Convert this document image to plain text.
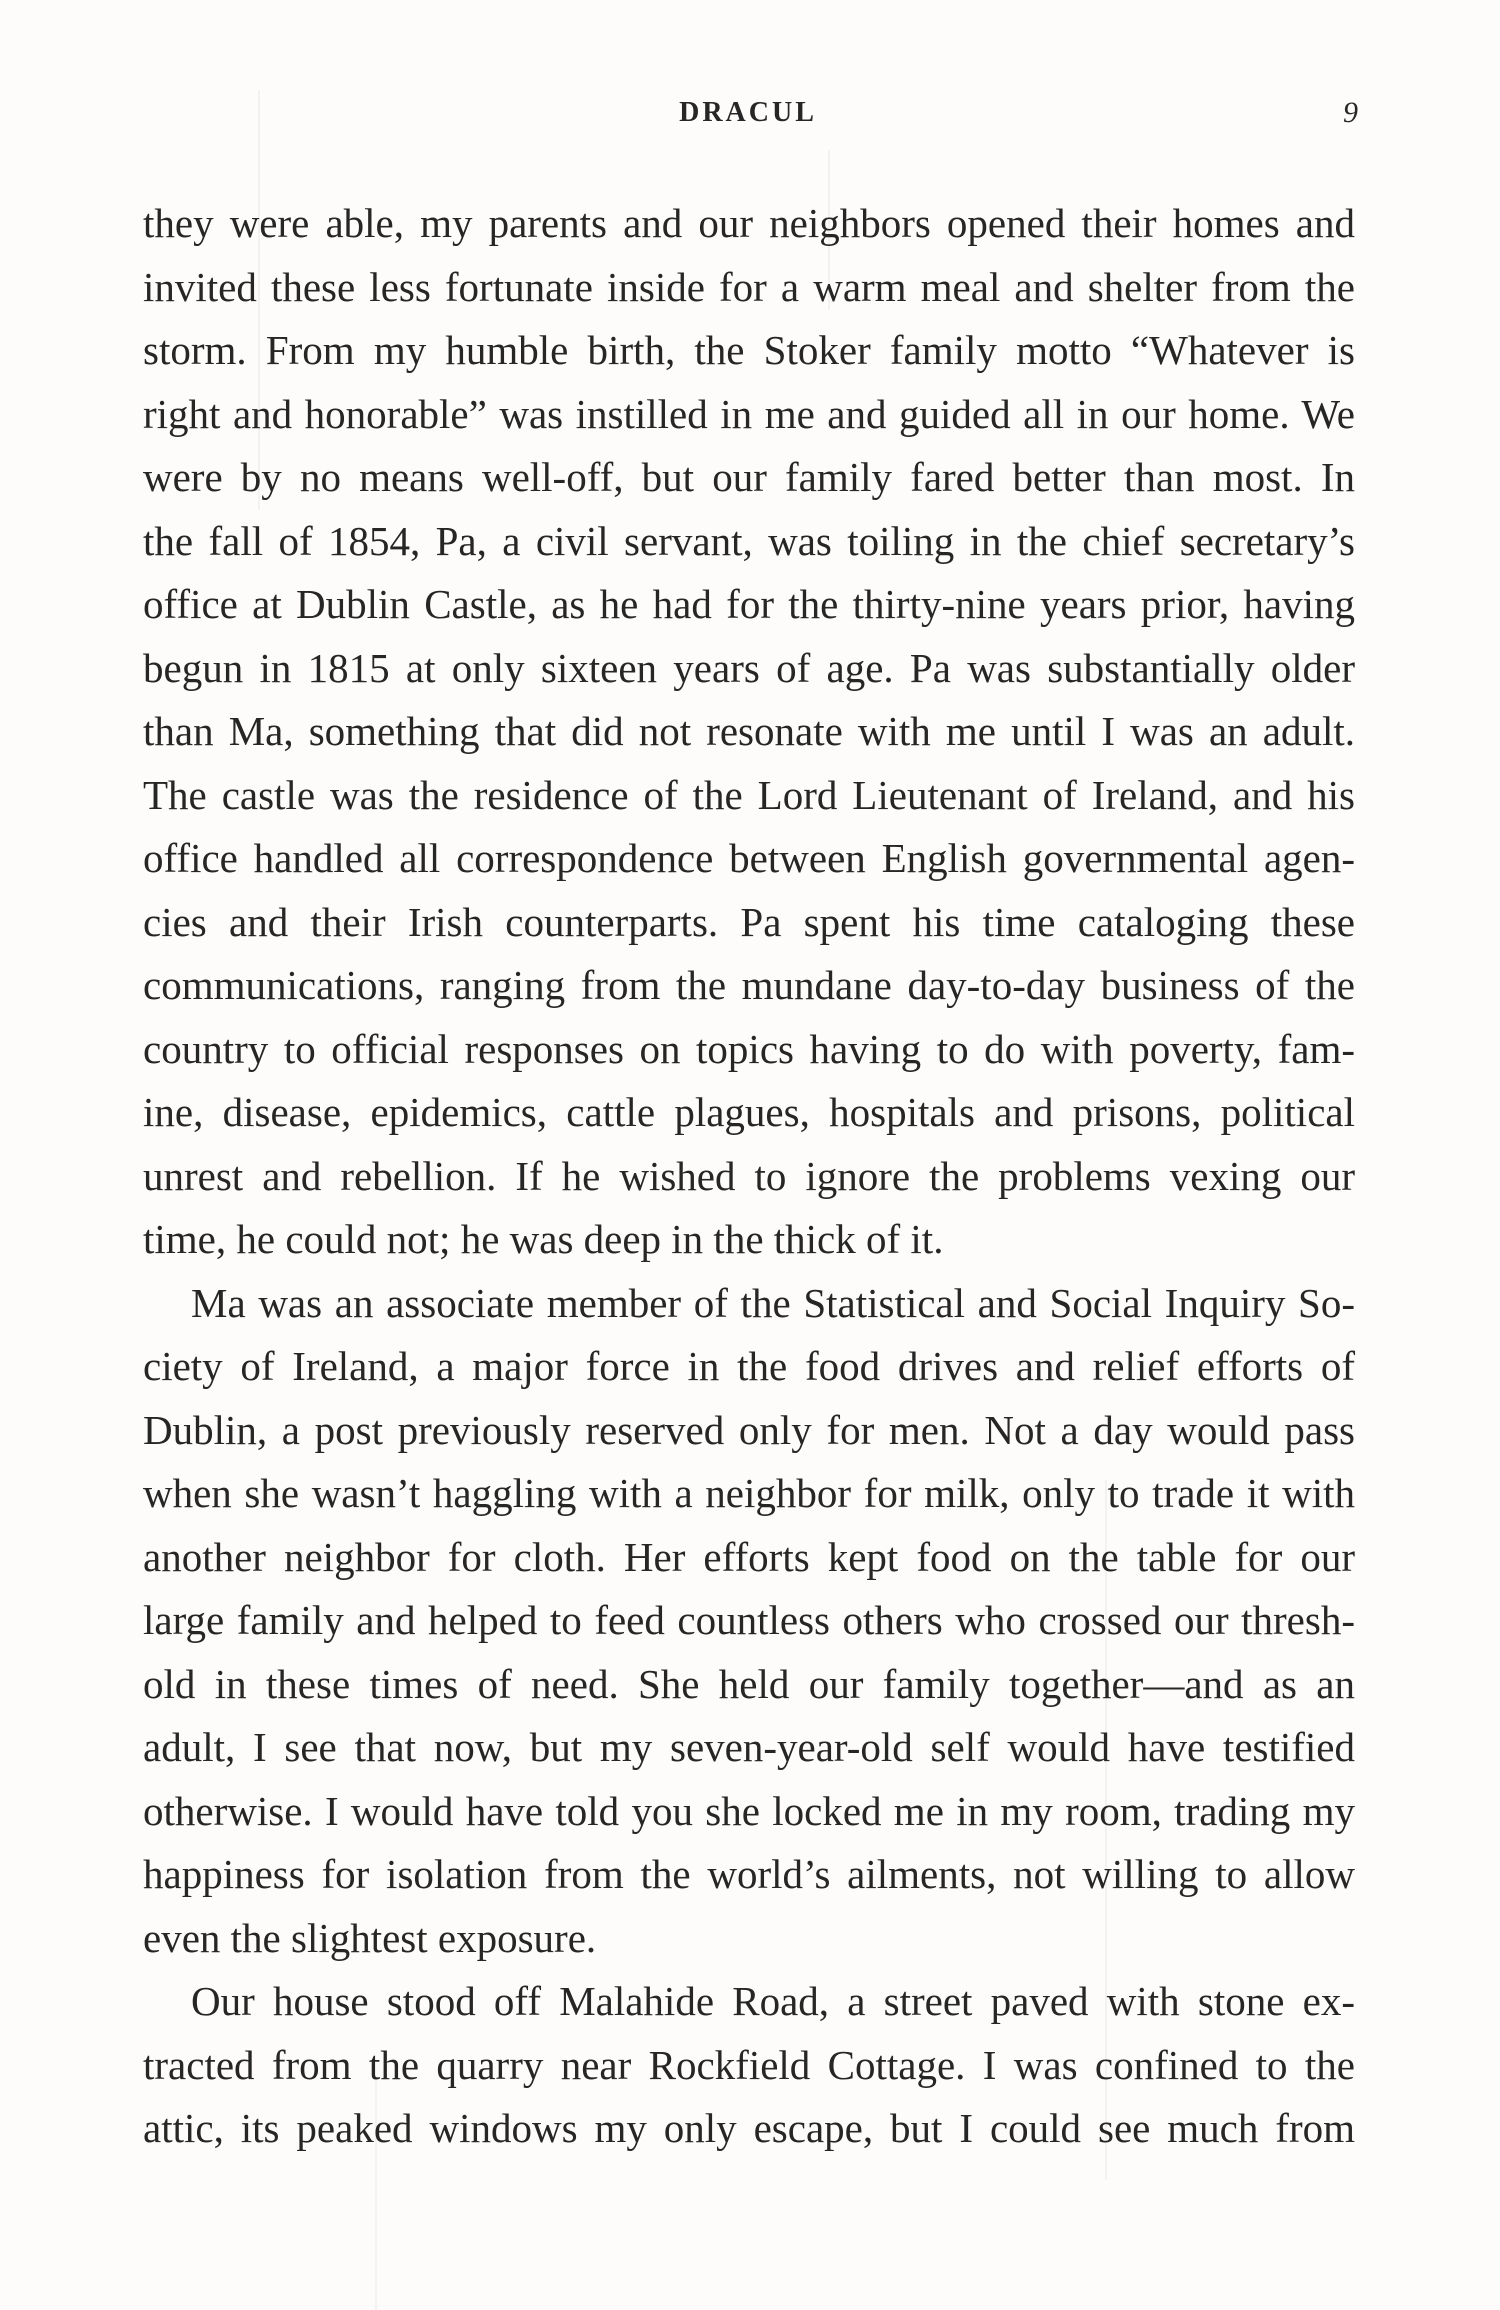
DRACUL	9
they were able, my parents and our neighbors opened their homes and
invited these less fortunate inside for a warm meal and shelter from the
storm. From my humble birth, the Stoker family motto “Whatever is
right and honorable” was instilled in me and guided all in our home. We
were by no means well-off, but our family fared better than most. In
the fall of 1854, Pa, a civil servant, was toiling in the chief secretary’s
office at Dublin Castle, as he had for the thirty-nine years prior, having
begun in 1815 at only sixteen years of age. Pa was substantially older
than Ma, something that did not resonate with me until I was an adult.
The castle was the residence of the Lord Lieutenant of Ireland, and his
office handled all correspondence between English governmental agen-
cies and their Irish counterparts. Pa spent his time cataloging these
communications, ranging from the mundane day-to-day business of the
country to official responses on topics having to do with poverty, fam-
ine, disease, epidemics, cattle plagues, hospitals and prisons, political
unrest and rebellion. If he wished to ignore the problems vexing our
time, he could not; he was deep in the thick of it.
Ma was an associate member of the Statistical and Social Inquiry So-
ciety of Ireland, a major force in the food drives and relief efforts of
Dublin, a post previously reserved only for men. Not a day would pass
when she wasn’t haggling with a neighbor for milk, only to trade it with
another neighbor for cloth. Her efforts kept food on the table for our
large family and helped to feed countless others who crossed our thresh-
old in these times of need. She held our family together—and as an
adult, I see that now, but my seven-year-old self would have testified
otherwise. I would have told you she locked me in my room, trading my
happiness for isolation from the world’s ailments, not willing to allow
even the slightest exposure.
Our house stood off Malahide Road, a street paved with stone ex-
tracted from the quarry near Rockfield Cottage. I was confined to the
attic, its peaked windows my only escape, but I could see much from
